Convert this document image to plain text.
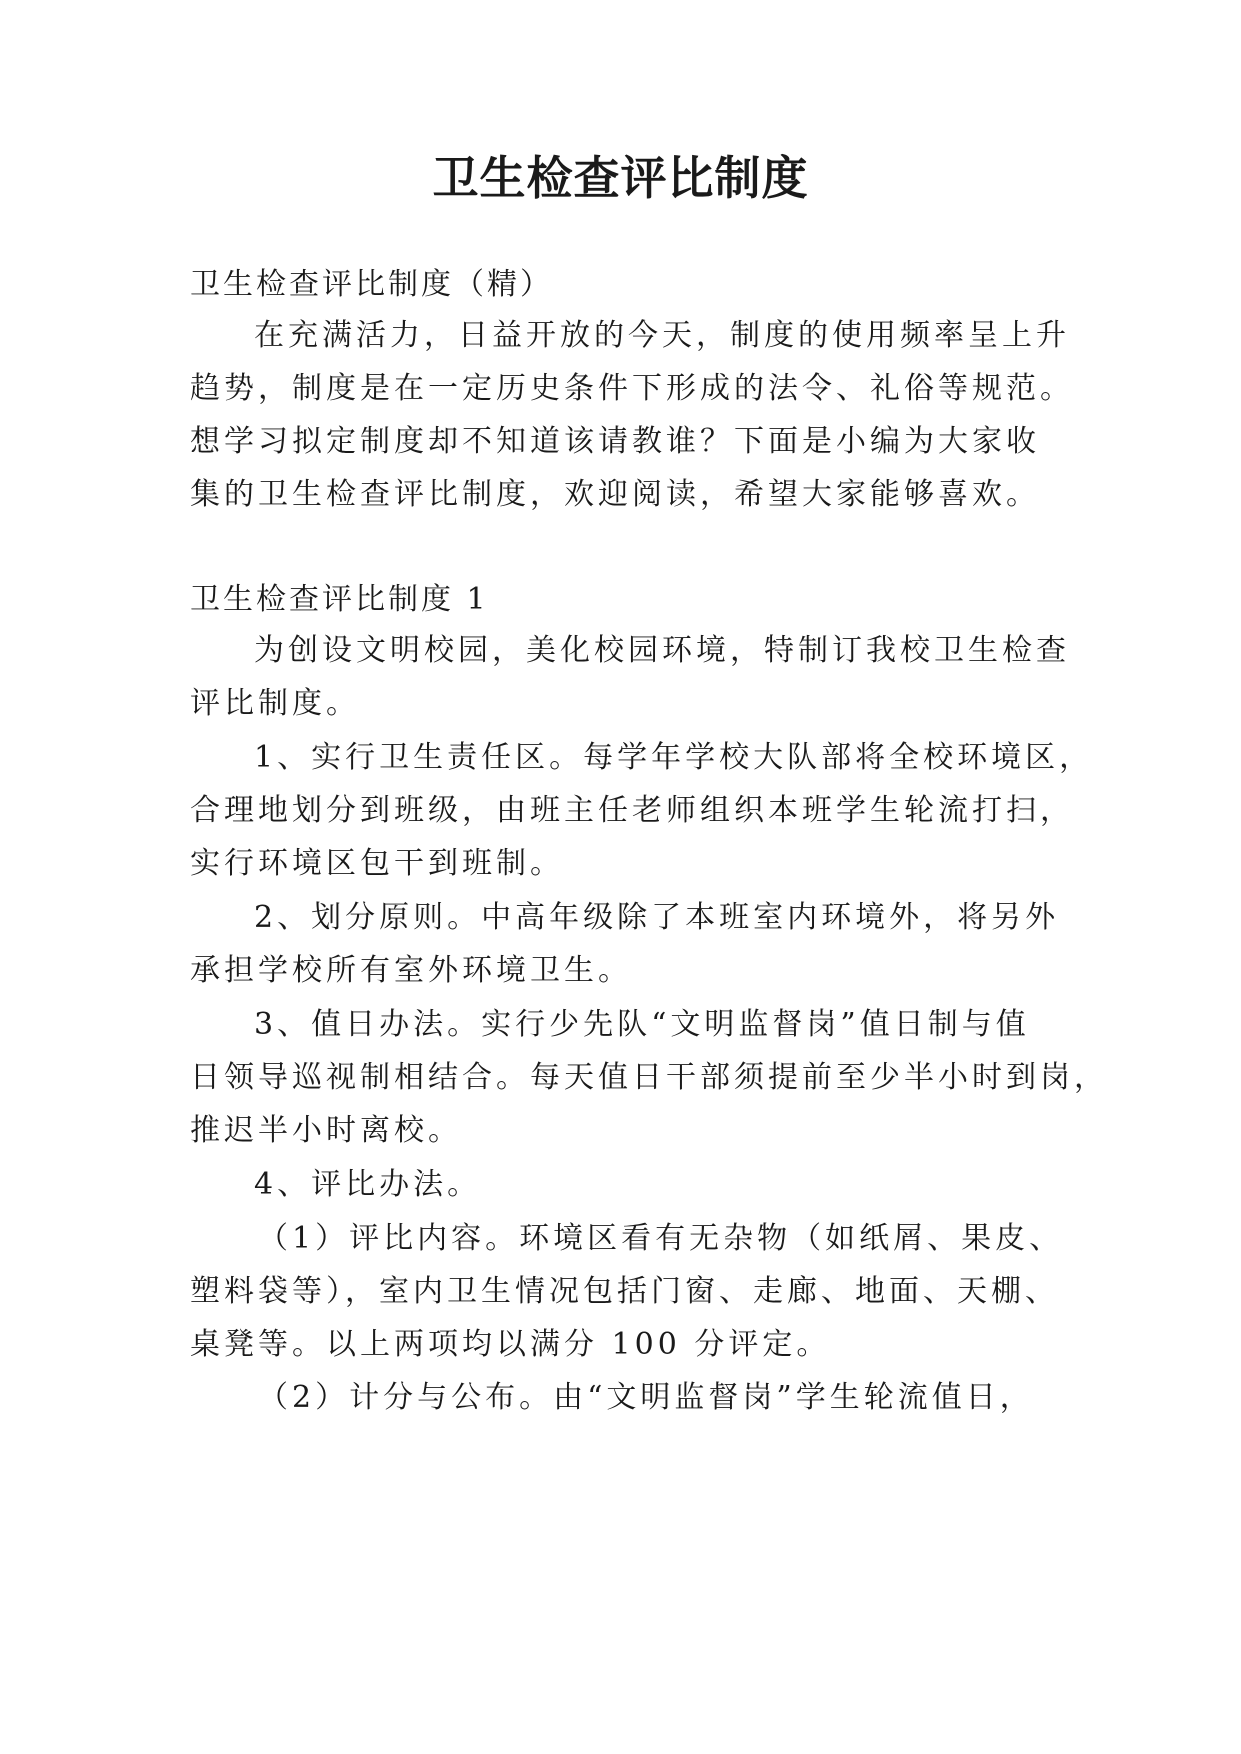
卫生检查评比制度

卫生检查评比制度（精）

在充满活力，日益开放的今天，制度的使用频率呈上升

趋势，制度是在一定历史条件下形成的法令、礼俗等规范。

想学习拟定制度却不知道该请教谁？下面是小编为大家收

集的卫生检查评比制度，欢迎阅读，希望大家能够喜欢。

卫生检查评比制度 1

为创设文明校园，美化校园环境，特制订我校卫生检查

评比制度。

1、实行卫生责任区。每学年学校大队部将全校环境区，

合理地划分到班级，由班主任老师组织本班学生轮流打扫，

实行环境区包干到班制。

2、划分原则。中高年级除了本班室内环境外，将另外

承担学校所有室外环境卫生。

3、值日办法。实行少先队“文明监督岗”值日制与值

日领导巡视制相结合。每天值日干部须提前至少半小时到岗，

推迟半小时离校。

4、评比办法。

（1）评比内容。环境区看有无杂物（如纸屑、果皮、

塑料袋等），室内卫生情况包括门窗、走廊、地面、天棚、

桌凳等。以上两项均以满分 100 分评定。

（2）计分与公布。由“文明监督岗”学生轮流值日，
